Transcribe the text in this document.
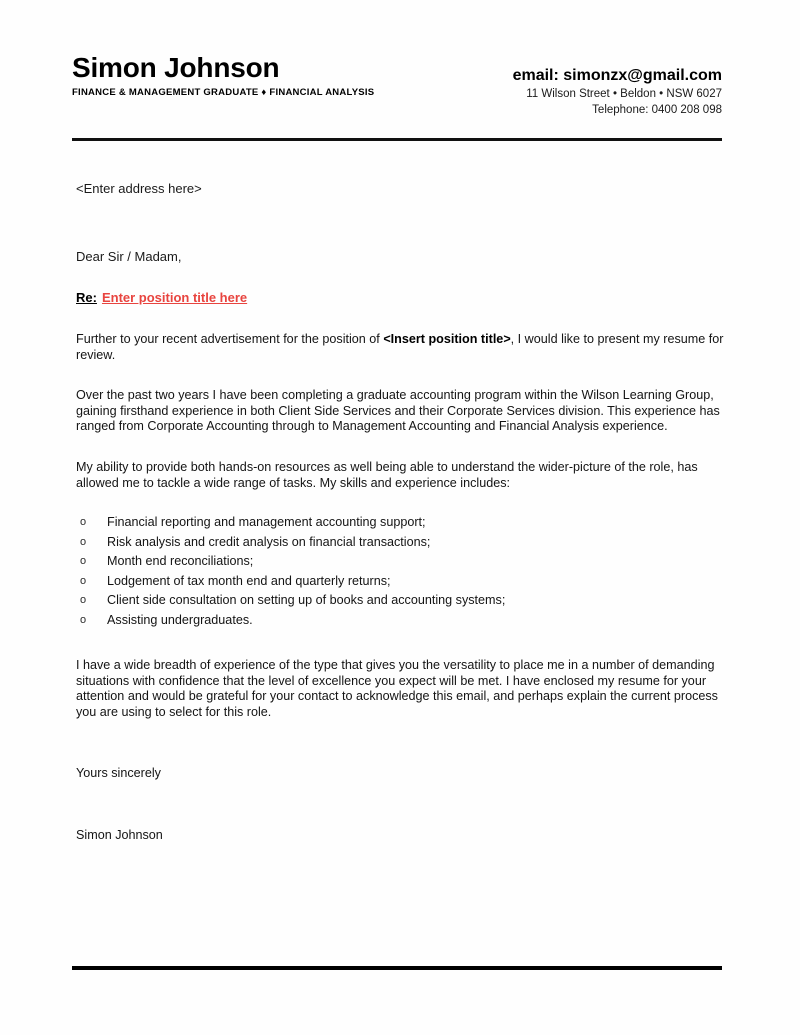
Simon Johnson
FINANCE & MANAGEMENT GRADUATE ♦ FINANCIAL ANALYSIS
email: simonzx@gmail.com
11 Wilson Street • Beldon • NSW 6027
Telephone: 0400 208 098
<Enter address here>
Dear Sir / Madam,
Re: Enter position title here

Further to your recent advertisement for the position of <Insert position title>, I would like to present my resume for review.

Over the past two years I have been completing a graduate accounting program within the Wilson Learning Group, gaining firsthand experience in both Client Side Services and their Corporate Services division. This experience has ranged from Corporate Accounting through to Management Accounting and Financial Analysis experience.

My ability to provide both hands-on resources as well being able to understand the wider-picture of the role, has allowed me to tackle a wide range of tasks. My skills and experience includes:

o Financial reporting and management accounting support;
o Risk analysis and credit analysis on financial transactions;
o Month end reconciliations;
o Lodgement of tax month end and quarterly returns;
o Client side consultation on setting up of books and accounting systems;
o Assisting undergraduates.

I have a wide breadth of experience of the type that gives you the versatility to place me in a number of demanding situations with confidence that the level of excellence you expect will be met. I have enclosed my resume for your attention and would be grateful for your contact to acknowledge this email, and perhaps explain the current process you are using to select for this role.

Yours sincerely
Simon Johnson
